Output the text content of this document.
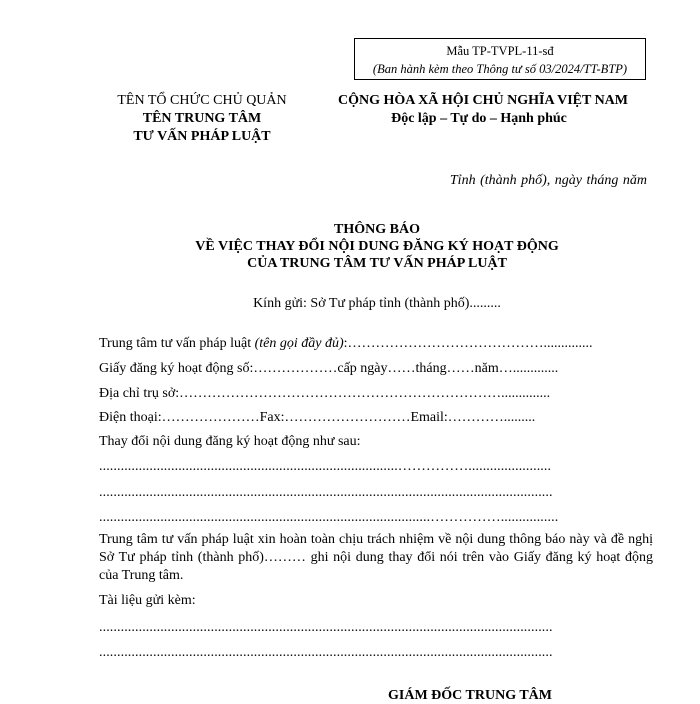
Mẫu TP-TVPL-11-sđ
(Ban hành kèm theo Thông tư số 03/2024/TT-BTP)
TÊN TỔ CHỨC CHỦ QUẢN
TÊN TRUNG TÂM
TƯ VẤN PHÁP LUẬT
CỘNG HÒA XÃ HỘI CHỦ NGHĨA VIỆT NAM
Độc lập – Tự do – Hạnh phúc
Tỉnh (thành phố), ngày tháng năm
THÔNG BÁO
VỀ VIỆC THAY ĐỔI NỘI DUNG ĐĂNG KÝ HOẠT ĐỘNG
CỦA TRUNG TÂM TƯ VẤN PHÁP LUẬT
Kính gửi: Sở Tư pháp tỉnh (thành phố).........
Trung tâm tư vấn pháp luật (tên gọi đầy đủ):……………………………………..............
Giấy đăng ký hoạt động số:………………cấp ngày……tháng……năm….............
Địa chỉ trụ sở:……………………………………………………………..............
Điện thoại:…………………Fax:………………………Email:………….........
Thay đổi nội dung đăng ký hoạt động như sau:
...................................................................................…………….......................
..............................................................................................................................
............................................................................................……………................
Trung tâm tư vấn pháp luật xin hoàn toàn chịu trách nhiệm về nội dung thông báo này và đề nghị Sở Tư pháp tỉnh (thành phố)……… ghi nội dung thay đổi nói trên vào Giấy đăng ký hoạt động của Trung tâm.
Tài liệu gửi kèm:
..............................................................................................................................
..............................................................................................................................
GIÁM ĐỐC TRUNG TÂM
